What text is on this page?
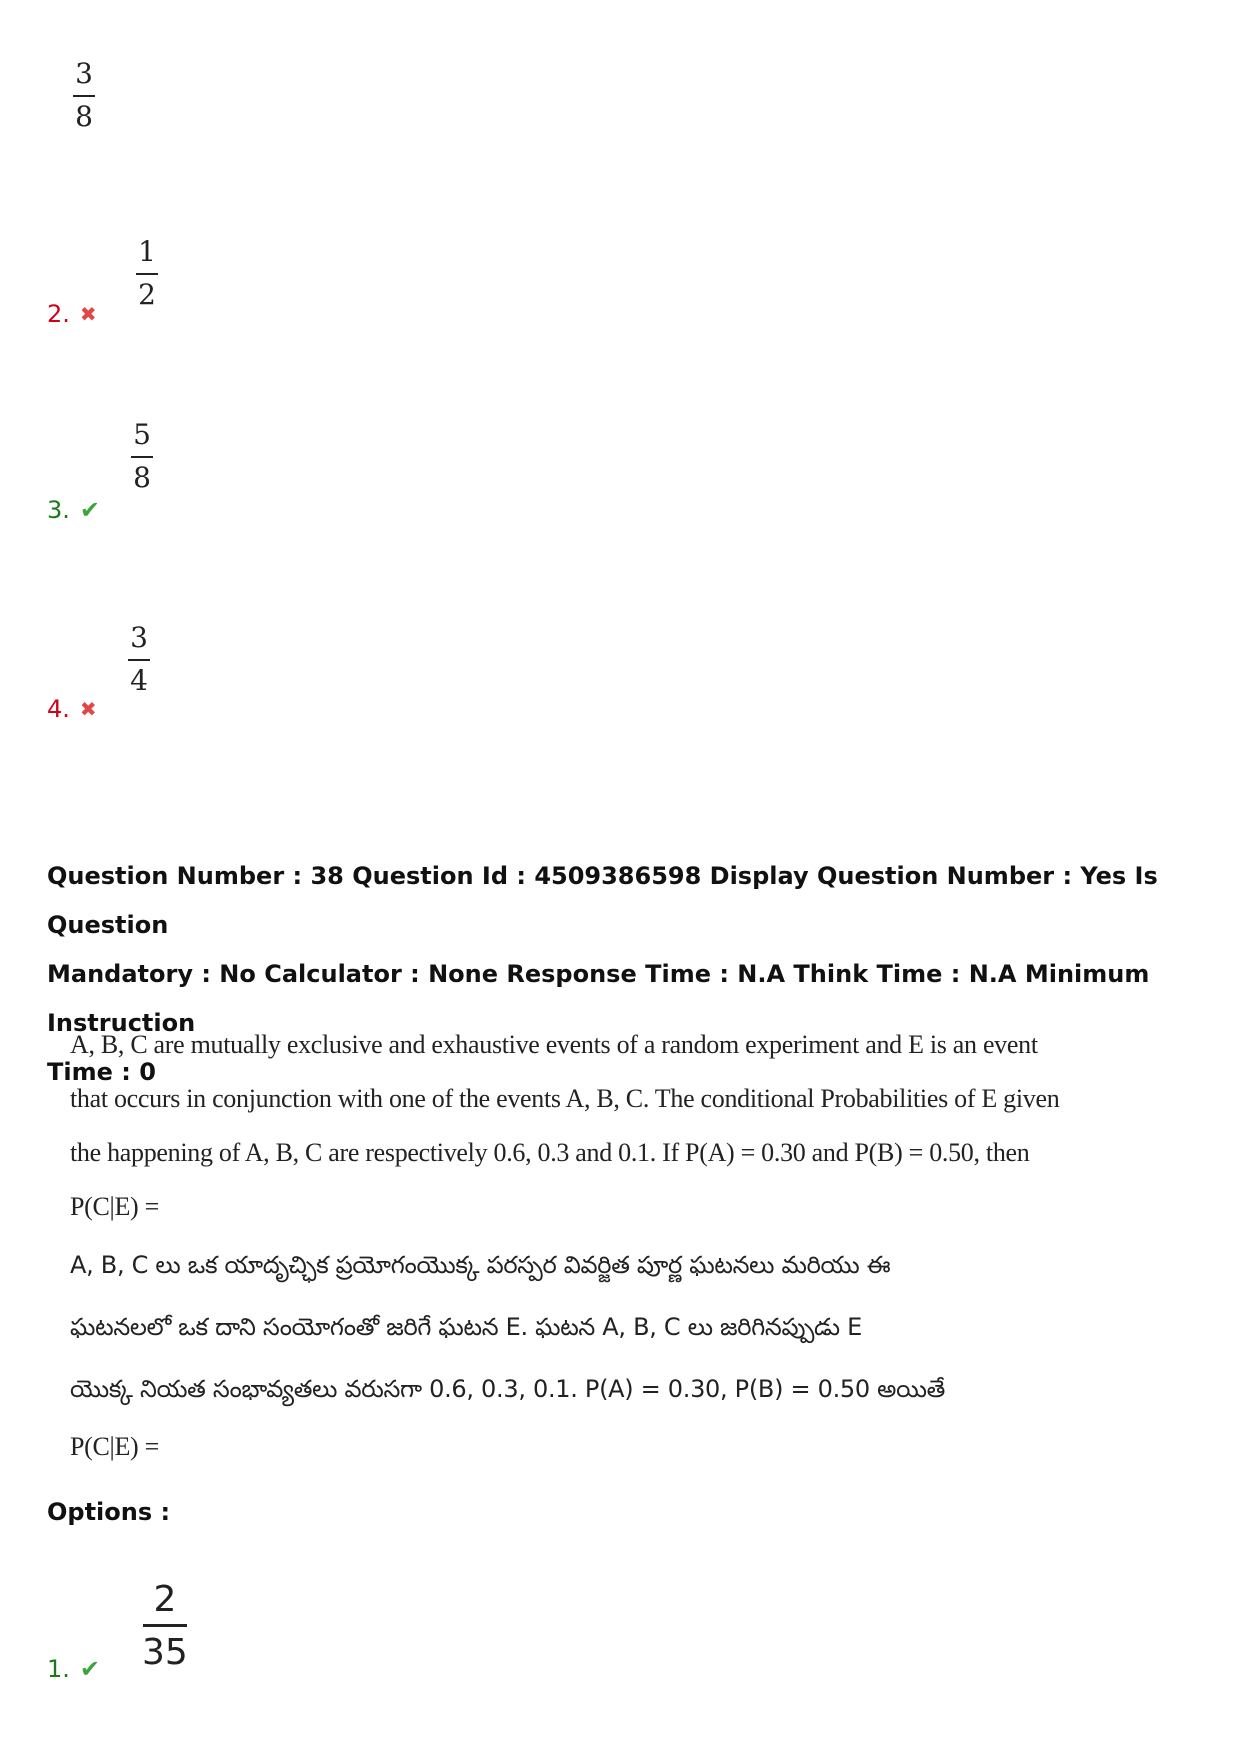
3
8
2. ✖
1
2
3. ✔
5
8
4. ✖
3
4
Question Number : 38 Question Id : 4509386598 Display Question Number : Yes Is Question
Mandatory : No Calculator : None Response Time : N.A Think Time : N.A Minimum Instruction
Time : 0
A, B, C are mutually exclusive and exhaustive events of a random experiment and E is an event
that occurs in conjunction with one of the events A, B, C. The conditional Probabilities of E given
the happening of A, B, C are respectively 0.6, 0.3 and 0.1. If P(A) = 0.30 and P(B) = 0.50, then
P(C|E) =
A, B, C లు ఒక యాదృచ్ఛిక ప్రయోగంయొక్క పరస్పర వివర్జిత పూర్ణ ఘటనలు మరియు ఈ
ఘటనలలో ఒక దాని సంయోగంతో జరిగే ఘటన E. ఘటన A, B, C లు జరిగినప్పుడు E
యొక్క నియత సంభావ్యతలు వరుసగా 0.6, 0.3, 0.1. P(A) = 0.30, P(B) = 0.50 అయితే
P(C|E) =
Options :
1. ✔
2
35
